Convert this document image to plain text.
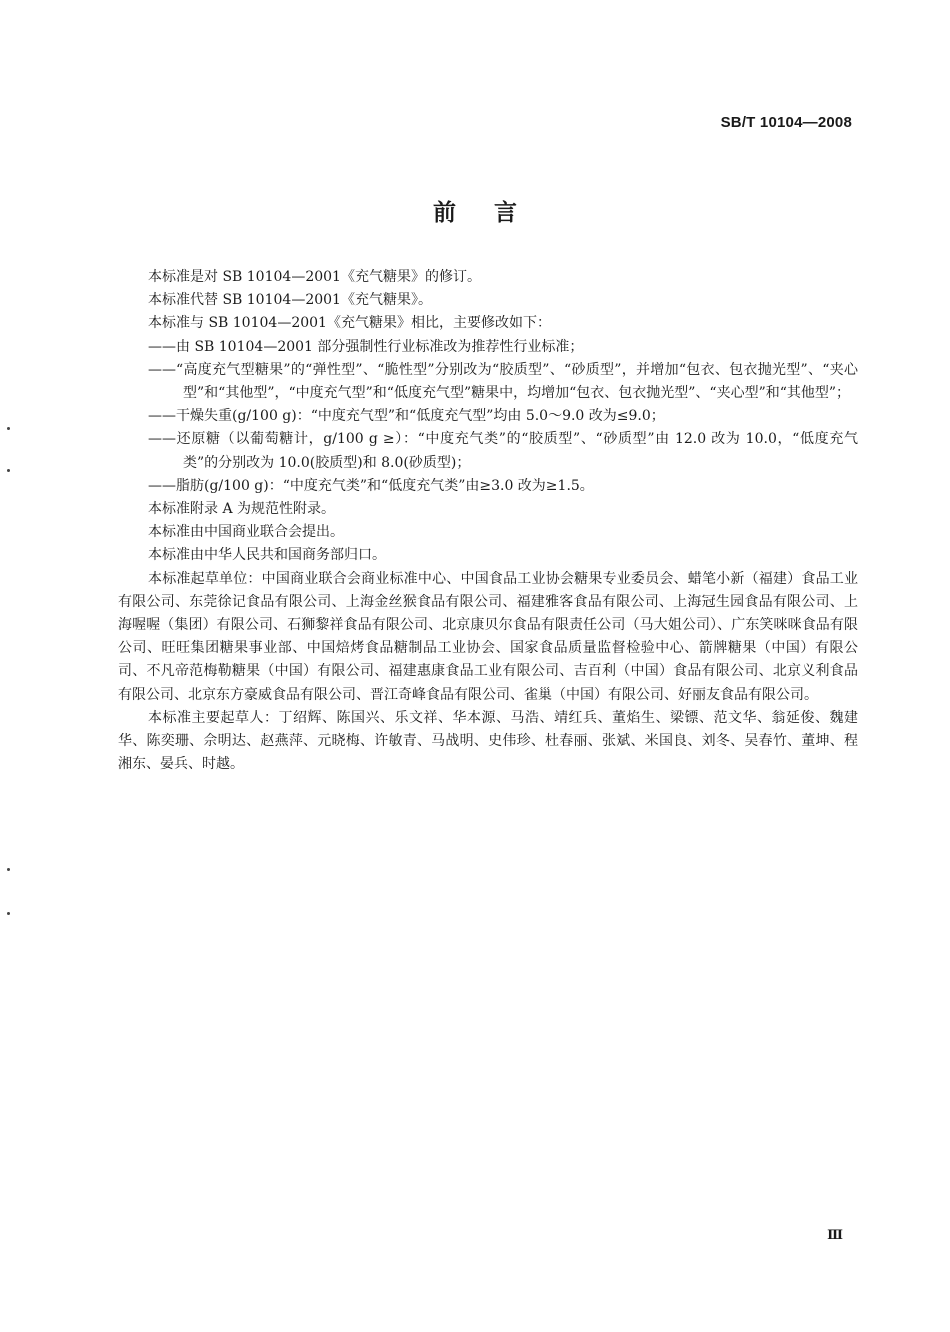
SB/T 10104—2008
前言

本标准是对 SB 10104—2001《充气糖果》的修订。

本标准代替 SB 10104—2001《充气糖果》。

本标准与 SB 10104—2001《充气糖果》相比，主要修改如下：

——由 SB 10104—2001 部分强制性行业标准改为推荐性行业标准；

——“高度充气型糖果”的“弹性型”、“脆性型”分别改为“胶质型”、“砂质型”，并增加“包衣、包衣抛光型”、“夹心型”和“其他型”，“中度充气型”和“低度充气型”糖果中，均增加“包衣、包衣抛光型”、“夹心型”和“其他型”；

——干燥失重(g/100 g)：“中度充气型”和“低度充气型”均由 5.0～9.0 改为≤9.0；

——还原糖（以葡萄糖计，g/100 g ≥）：“中度充气类”的“胶质型”、“砂质型”由 12.0 改为 10.0，“低度充气类”的分别改为 10.0(胶质型)和 8.0(砂质型)；

——脂肪(g/100 g)：“中度充气类”和“低度充气类”由≥3.0 改为≥1.5。

本标准附录 A 为规范性附录。

本标准由中国商业联合会提出。

本标准由中华人民共和国商务部归口。

本标准起草单位：中国商业联合会商业标准中心、中国食品工业协会糖果专业委员会、蜡笔小新（福建）食品工业有限公司、东莞徐记食品有限公司、上海金丝猴食品有限公司、福建雅客食品有限公司、上海冠生园食品有限公司、上海喔喔（集团）有限公司、石狮黎祥食品有限公司、北京康贝尔食品有限责任公司（马大姐公司）、广东笑咪咪食品有限公司、旺旺集团糖果事业部、中国焙烤食品糖制品工业协会、国家食品质量监督检验中心、箭牌糖果（中国）有限公司、不凡帝范梅勒糖果（中国）有限公司、福建惠康食品工业有限公司、吉百利（中国）食品有限公司、北京义利食品有限公司、北京东方豪威食品有限公司、晋江奇峰食品有限公司、雀巢（中国）有限公司、好丽友食品有限公司。

本标准主要起草人：丁绍辉、陈国兴、乐文祥、华本源、马浩、靖红兵、董焰生、梁镖、范文华、翁延俊、魏建华、陈奕珊、佘明达、赵燕萍、元晓梅、许敏青、马战明、史伟珍、杜春丽、张斌、米国良、刘冬、吴春竹、董坤、程湘东、晏兵、时越。

Ⅲ
